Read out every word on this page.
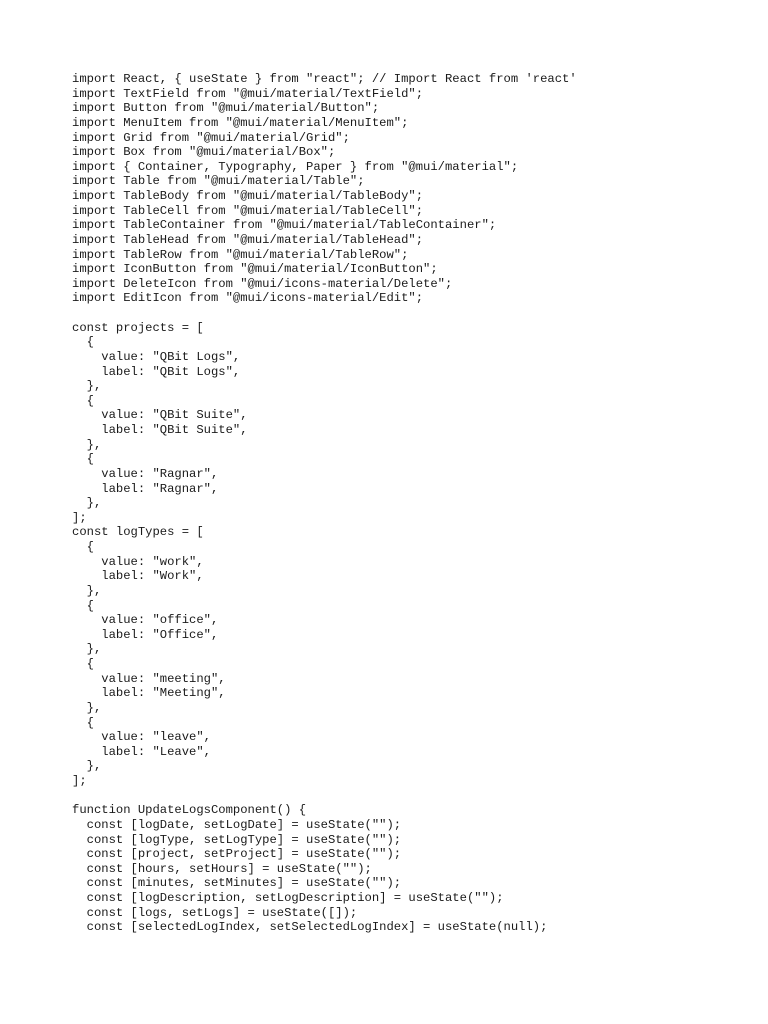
import React, { useState } from "react"; // Import React from 'react'
import TextField from "@mui/material/TextField";
import Button from "@mui/material/Button";
import MenuItem from "@mui/material/MenuItem";
import Grid from "@mui/material/Grid";
import Box from "@mui/material/Box";
import { Container, Typography, Paper } from "@mui/material";
import Table from "@mui/material/Table";
import TableBody from "@mui/material/TableBody";
import TableCell from "@mui/material/TableCell";
import TableContainer from "@mui/material/TableContainer";
import TableHead from "@mui/material/TableHead";
import TableRow from "@mui/material/TableRow";
import IconButton from "@mui/material/IconButton";
import DeleteIcon from "@mui/icons-material/Delete";
import EditIcon from "@mui/icons-material/Edit";
const projects = [
{
value: "QBit Logs",
label: "QBit Logs",
},
{
value: "QBit Suite",
label: "QBit Suite",
},
{
value: "Ragnar",
label: "Ragnar",
},
];
const logTypes = [
{
value: "work",
label: "Work",
},
{
value: "office",
label: "Office",
},
{
value: "meeting",
label: "Meeting",
},
{
value: "leave",
label: "Leave",
},
];
function UpdateLogsComponent() {
const [logDate, setLogDate] = useState("");
const [logType, setLogType] = useState("");
const [project, setProject] = useState("");
const [hours, setHours] = useState("");
const [minutes, setMinutes] = useState("");
const [logDescription, setLogDescription] = useState("");
const [logs, setLogs] = useState([]);
const [selectedLogIndex, setSelectedLogIndex] = useState(null);
